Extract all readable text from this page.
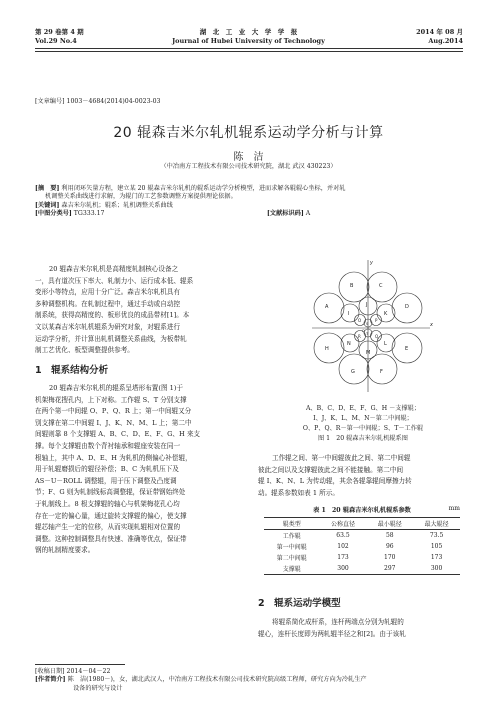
第 29 卷第 4 期
Vol.29 No.4
湖　北　工　业　大　学　学　报
Journal of Hubei University of Technology
2014 年 08 月
Aug.2014
[文章编号] 1003－4684(2014)04-0023-03
20 辊森吉米尔轧机辊系运动学分析与计算
陈　洁
（中冶南方工程技术有限公司技术研究院，湖北 武汉 430223）
[摘　要] 利用闭环矢量方程，建立某 20 辊森吉米尔轧机的辊系运动学分析模型，进而求解各辊辊心坐标，并对轧
机调整关系曲线进行求解，为辊门的工艺参数调整方案提供理论依据。
[关键词] 森吉米尔轧机；辊系；轧机调整关系曲线
[中图分类号] TG333.17	[文献标识码] A
20 辊森吉米尔轧机是高精度轧制核心设备之
一，具有道次压下率大、轧制力小、运行成本低、辊系
变形小等特点，应用十分广泛。森吉米尔轧机具有
多种调整机构。在轧制过程中，通过手动或自动控
制系统，获得高精度的、板形优良的成品带材[1]。本
文以某森吉米尔轧机辊系为研究对象，对辊系进行
运动学分析，并计算出轧机调整关系曲线，为板带轧
制工艺优化、板型调整提供参考。
1　辊系结构分析
20 辊森吉米尔轧机的辊系呈塔形布置(图 1)于
机架梅花搜孔内，上下对称。工作辊 S、T 分别支撑
在两个第一中间辊 O、P、Q、R 上；第一中间辊又分
别支撑在第二中间辊 I、J、K、N、M、L 上；第二中
间辊则靠 8 个支撑辊 A、B、C、D、E、F、G、H 来支
撑。每个支撑辊由数个背衬轴承和辊座安装在同一
根轴上，其中 A、D、E、H 为轧机的侧偏心补偿辊，
用于轧辊磨损后的辊径补偿；B、C 为轧机压下及
AS－U－ROLL 调整辊，用于压下调整及凸度调
节；F、G 则为轧制线标高调整辊，保证带钢始终处
于轧制线上。8 根支撑辊的轴心与机架梅花孔心均
存在一定的偏心量，通过旋转支撑辊的偏心，使支撑
辊芯轴产生一定的位移，从而实现轧辊相对位置的
调整。这种控制调整具有快速、准确等优点，保证带
钢的轧制精度要求。
B	C
A	D
H	E
G	F
I
J
K
N
M
L
O	P
R	Q
S
T
x
y
O
A、B、C、D、E、F、G、H －支撑辊；
I、J、K、L、M、N－第二中间辊；
O、P、Q、R－第一中间辊；S、T－工作辊
图 1　20 辊森吉米尔轧机辊系图
工作辊之间、第一中间辊彼此之间、第二中间辊
彼此之间以及支撑辊彼此之间不能接触。第二中间
辊 I、K、N、L 为传动辊，其余各辊靠辊间摩擦力转
动。辊系参数如表 1 所示。
表 1　20 辊森吉米尔轧机辊系参数	mm
辊类型	公称直径	最小辊径	最大辊径
工作辊	63.5	58	73.5
第一中间辊	102	96	105
第二中间辊	173	170	173
支撑辊	300	297	300
2　辊系运动学模型
将辊系简化成杆系，连杆两端点分别为轧辊的
辊心，连杆长度即为两轧辊半径之和[2]。由于该轧
[收稿日期] 2014－04－22
[作者简介] 陈　洁(1980－)，女，湖北武汉人，中冶南方工程技术有限公司技术研究院高级工程师，研究方向为冷轧生产
设备的研究与设计
